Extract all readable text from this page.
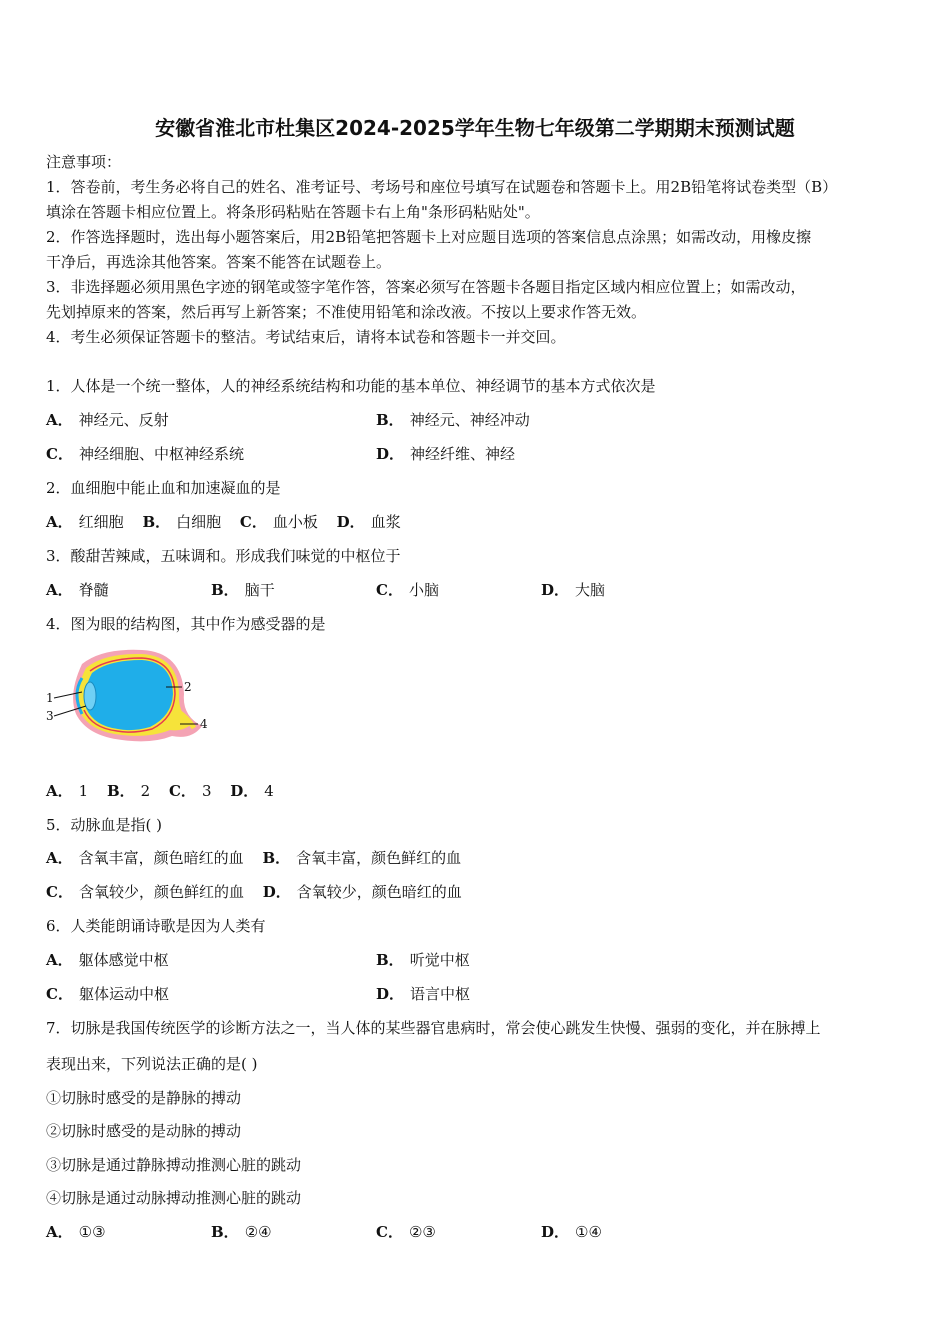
安徽省淮北市杜集区2024-2025学年生物七年级第二学期期末预测试题
注意事项：
1．答卷前，考生务必将自己的姓名、准考证号、考场号和座位号填写在试题卷和答题卡上。用2B铅笔将试卷类型（B）
填涂在答题卡相应位置上。将条形码粘贴在答题卡右上角"条形码粘贴处"。
2．作答选择题时，选出每小题答案后，用2B铅笔把答题卡上对应题目选项的答案信息点涂黑；如需改动，用橡皮擦
干净后，再选涂其他答案。答案不能答在试题卷上。
3．非选择题必须用黑色字迹的钢笔或签字笔作答，答案必须写在答题卡各题目指定区域内相应位置上；如需改动，
先划掉原来的答案，然后再写上新答案；不准使用铅笔和涂改液。不按以上要求作答无效。
4．考生必须保证答题卡的整洁。考试结束后，请将本试卷和答题卡一并交回。
1．人体是一个统一整体，人的神经系统结构和功能的基本单位、神经调节的基本方式依次是
A． 神经元、反射	B． 神经元、神经冲动
C． 神经细胞、中枢神经系统	D． 神经纤维、神经
2．血细胞中能止血和加速凝血的是
A． 红细胞 B． 白细胞 C． 血小板 D． 血浆
3．酸甜苦辣咸，五味调和。形成我们味觉的中枢位于
A． 脊髓	B． 脑干	C． 小脑	D． 大脑
4．图为眼的结构图，其中作为感受器的是
1
2
3
4
A． 1 B． 2 C． 3 D． 4
5．动脉血是指( )
A． 含氧丰富，颜色暗红的血 B． 含氧丰富，颜色鲜红的血
C． 含氧较少，颜色鲜红的血 D． 含氧较少，颜色暗红的血
6．人类能朗诵诗歌是因为人类有
A． 躯体感觉中枢	B． 听觉中枢
C． 躯体运动中枢	D． 语言中枢
7．切脉是我国传统医学的诊断方法之一，当人体的某些器官患病时，常会使心跳发生快慢、强弱的变化，并在脉搏上
表现出来，下列说法正确的是( )
①切脉时感受的是静脉的搏动
②切脉时感受的是动脉的搏动
③切脉是通过静脉搏动推测心脏的跳动
④切脉是通过动脉搏动推测心脏的跳动
A． ①③	B． ②④	C． ②③	D． ①④
